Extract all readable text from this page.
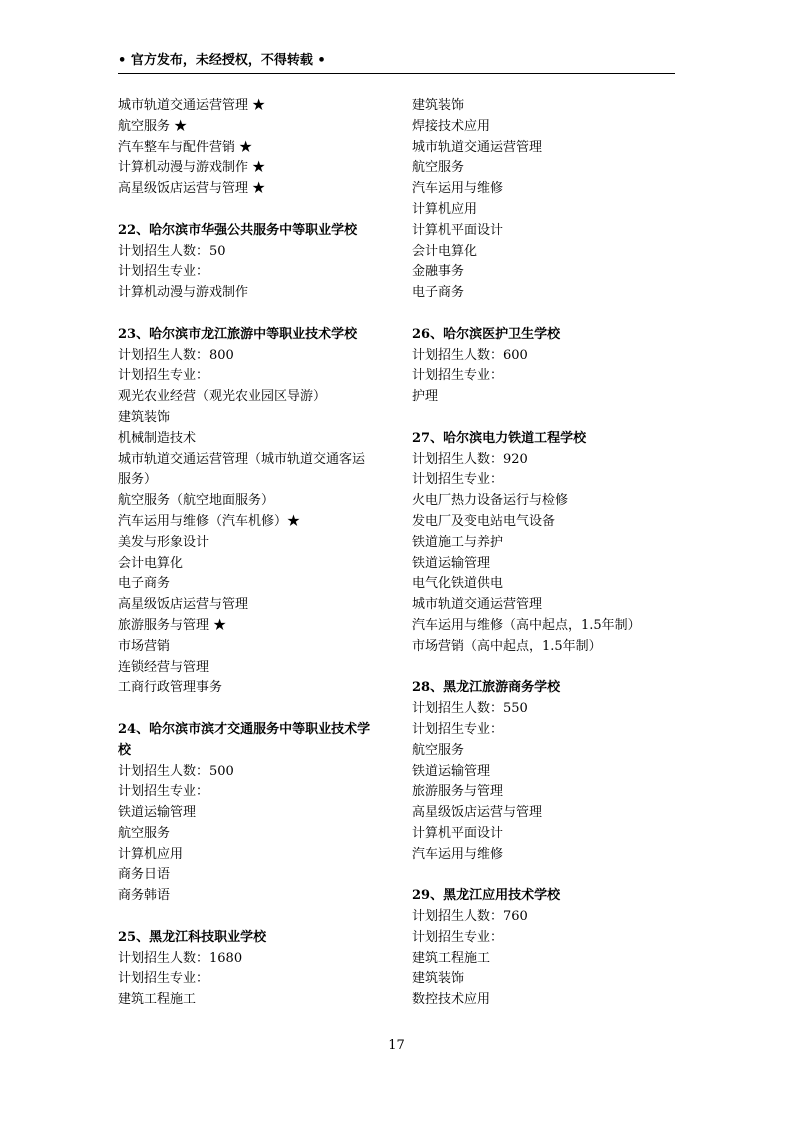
• 官方发布，未经授权，不得转载 •
城市轨道交通运营管理 ★
航空服务 ★
汽车整车与配件营销 ★
计算机动漫与游戏制作 ★
高星级饭店运营与管理 ★
22、哈尔滨市华强公共服务中等职业学校
计划招生人数：50
计划招生专业：
计算机动漫与游戏制作
23、哈尔滨市龙江旅游中等职业技术学校
计划招生人数：800
计划招生专业：
观光农业经营（观光农业园区导游）
建筑装饰
机械制造技术
城市轨道交通运营管理（城市轨道交通客运
服务）
航空服务（航空地面服务）
汽车运用与维修（汽车机修）★
美发与形象设计
会计电算化
电子商务
高星级饭店运营与管理
旅游服务与管理 ★
市场营销
连锁经营与管理
工商行政管理事务
24、哈尔滨市滨才交通服务中等职业技术学
校
计划招生人数：500
计划招生专业：
铁道运输管理
航空服务
计算机应用
商务日语
商务韩语
25、黑龙江科技职业学校
计划招生人数：1680
计划招生专业：
建筑工程施工
建筑装饰
焊接技术应用
城市轨道交通运营管理
航空服务
汽车运用与维修
计算机应用
计算机平面设计
会计电算化
金融事务
电子商务
26、哈尔滨医护卫生学校
计划招生人数：600
计划招生专业：
护理
27、哈尔滨电力铁道工程学校
计划招生人数：920
计划招生专业：
火电厂热力设备运行与检修
发电厂及变电站电气设备
铁道施工与养护
铁道运输管理
电气化铁道供电
城市轨道交通运营管理
汽车运用与维修（高中起点，1.5年制）
市场营销（高中起点，1.5年制）
28、黑龙江旅游商务学校
计划招生人数：550
计划招生专业：
航空服务
铁道运输管理
旅游服务与管理
高星级饭店运营与管理
计算机平面设计
汽车运用与维修
29、黑龙江应用技术学校
计划招生人数：760
计划招生专业：
建筑工程施工
建筑装饰
数控技术应用
17
